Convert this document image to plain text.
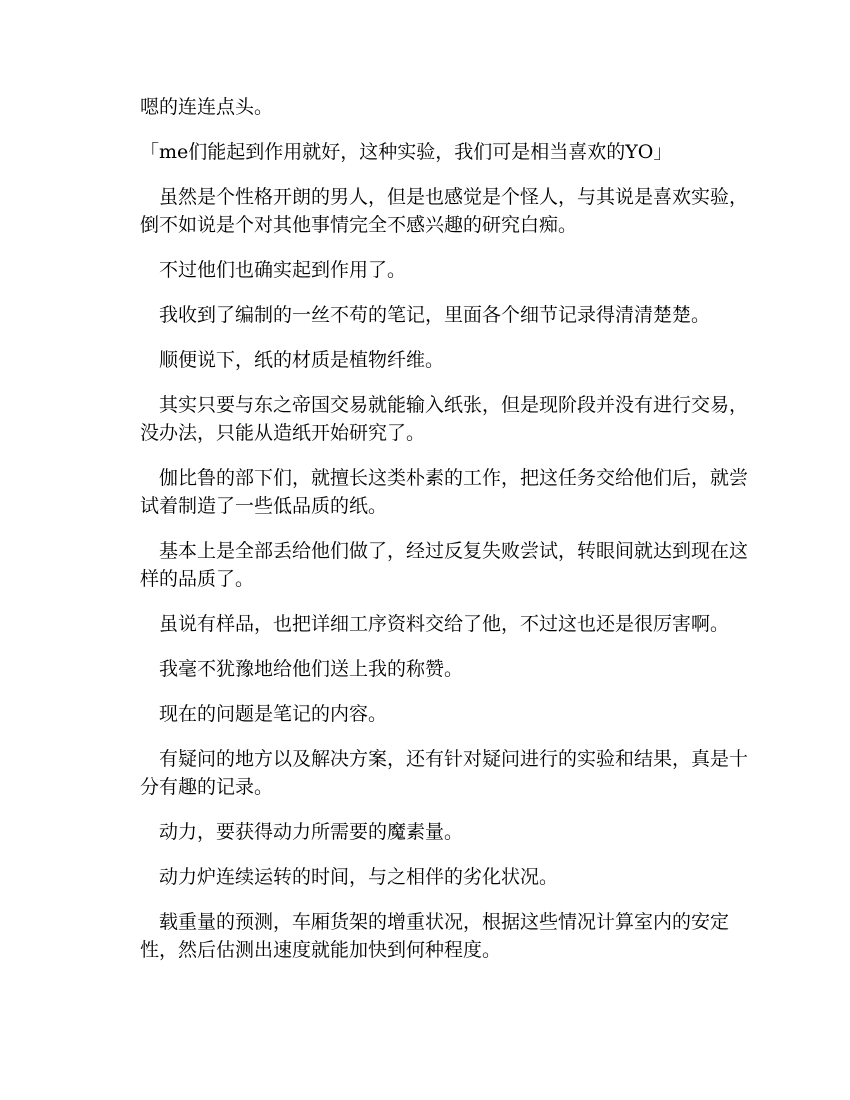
嗯的连连点头。

「me们能起到作用就好，这种实验，我们可是相当喜欢的YO」

虽然是个性格开朗的男人，但是也感觉是个怪人，与其说是喜欢实验，倒不如说是个对其他事情完全不感兴趣的研究白痴。

不过他们也确实起到作用了。

我收到了编制的一丝不苟的笔记，里面各个细节记录得清清楚楚。

顺便说下，纸的材质是植物纤维。

其实只要与东之帝国交易就能输入纸张，但是现阶段并没有进行交易，没办法，只能从造纸开始研究了。

伽比鲁的部下们，就擅长这类朴素的工作，把这任务交给他们后，就尝试着制造了一些低品质的纸。

基本上是全部丢给他们做了，经过反复失败尝试，转眼间就达到现在这样的品质了。

虽说有样品，也把详细工序资料交给了他，不过这也还是很厉害啊。

我毫不犹豫地给他们送上我的称赞。

现在的问题是笔记的内容。

有疑问的地方以及解决方案，还有针对疑问进行的实验和结果，真是十分有趣的记录。

动力，要获得动力所需要的魔素量。

动力炉连续运转的时间，与之相伴的劣化状况。

载重量的预测，车厢货架的增重状况，根据这些情况计算室内的安定性，然后估测出速度就能加快到何种程度。
